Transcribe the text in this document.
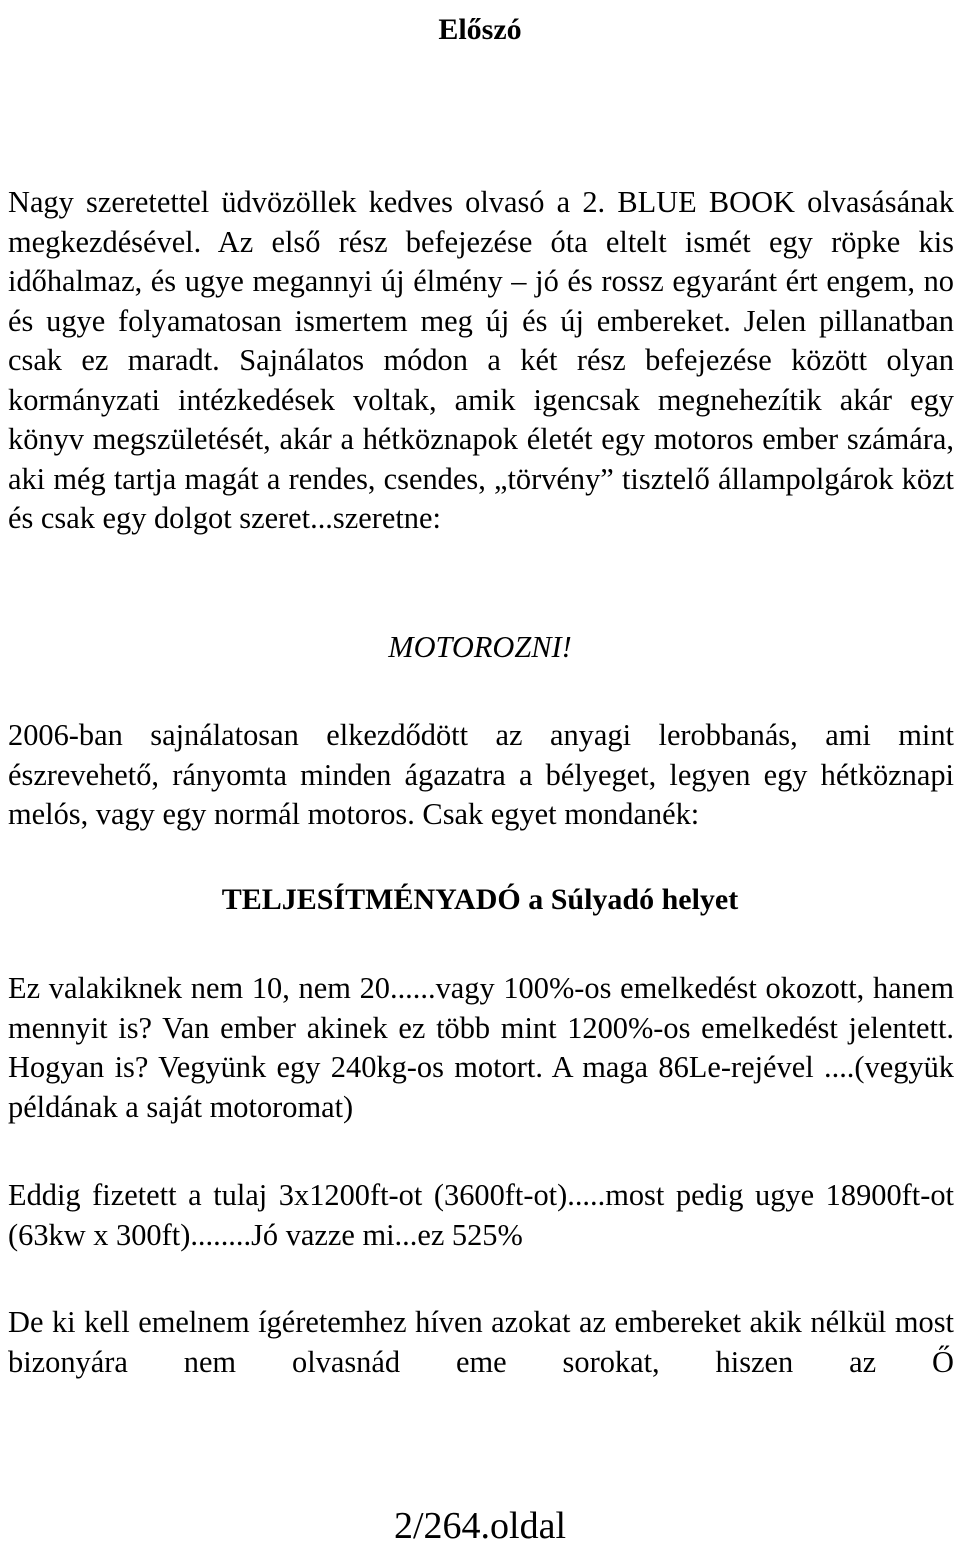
Előszó

Nagy szeretettel üdvözöllek kedves olvasó a 2. BLUE BOOK olvasásának megkezdésével. Az első rész befejezése óta eltelt ismét egy röpke kis időhalmaz, és ugye megannyi új élmény – jó és rossz egyaránt ért engem, no és ugye folyamatosan ismertem meg új és új embereket. Jelen pillanatban csak ez maradt. Sajnálatos módon a két rész befejezése között olyan kormányzati intézkedések voltak, amik igencsak megnehezítik akár egy könyv megszületését, akár a hétköznapok életét egy motoros ember számára, aki még tartja magát a rendes, csendes, „törvény” tisztelő állampolgárok közt és csak egy dolgot szeret...szeretne:

MOTOROZNI!

2006-ban sajnálatosan elkezdődött az anyagi lerobbanás, ami mint észrevehető, rányomta minden ágazatra a bélyeget, legyen egy hétköznapi melós, vagy egy normál motoros. Csak egyet mondanék:

TELJESÍTMÉNYADÓ a Súlyadó helyet

Ez valakiknek nem 10, nem 20......vagy 100%-os emelkedést okozott, hanem mennyit is? Van ember akinek ez több mint 1200%-os emelkedést jelentett. Hogyan is? Vegyünk egy 240kg-os motort. A maga 86Le-rejével ....(vegyük példának a saját motoromat)

Eddig fizetett a tulaj 3x1200ft-ot (3600ft-ot).....most pedig ugye 18900ft-ot (63kw x 300ft)........Jó vazze mi...ez 525%

De ki kell emelnem ígéretemhez híven azokat az embereket akik nélkül most bizonyára nem olvasnád eme sorokat, hiszen az Ő

2/264.oldal
